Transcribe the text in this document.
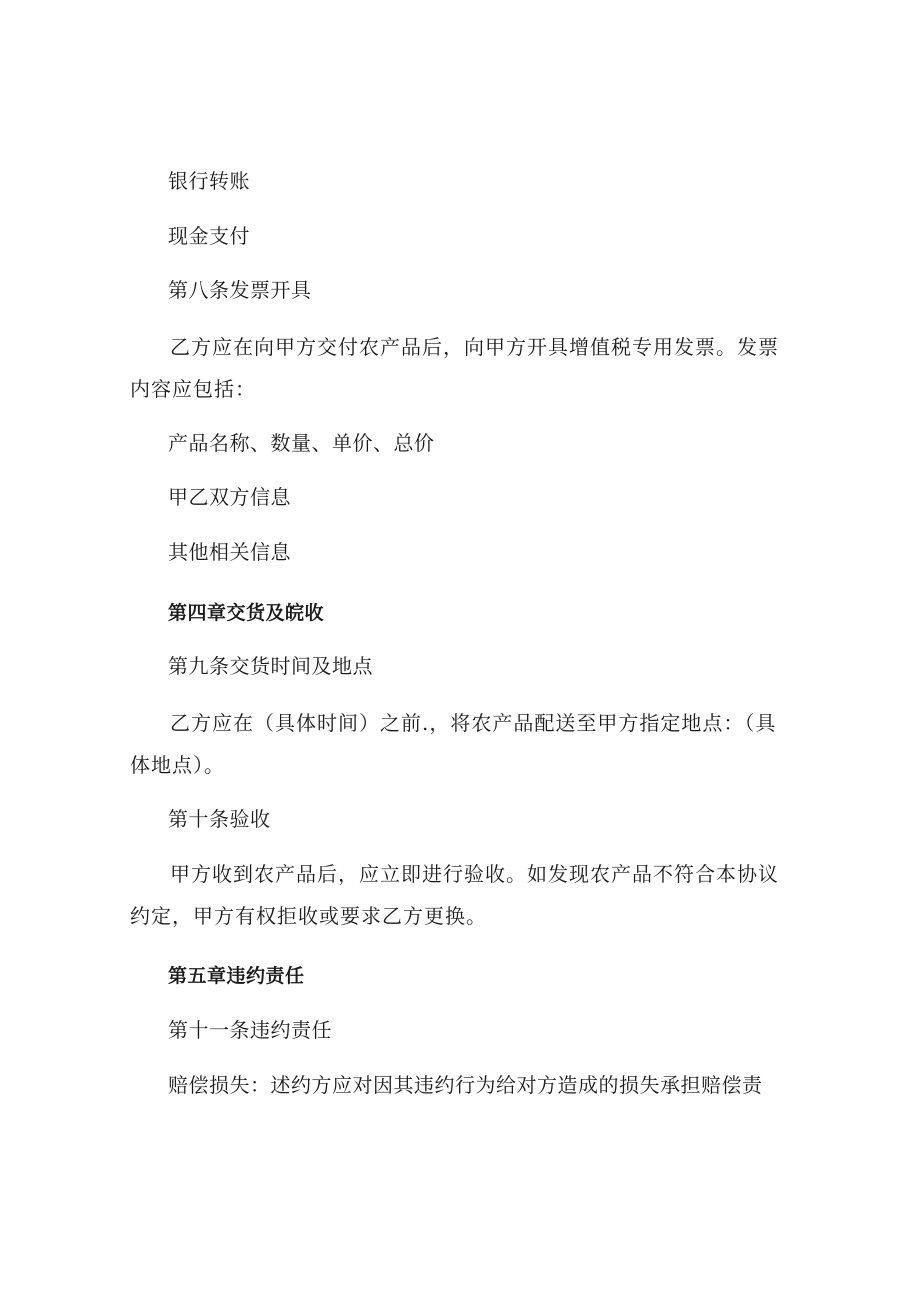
银行转账
现金支付
第八条发票开具
乙方应在向甲方交付农产品后，向甲方开具增值税专用发票。发票内容应包括：
产品名称、数量、单价、总价
甲乙双方信息
其他相关信息
第四章交货及皖收
第九条交货时间及地点
乙方应在（具体时间）之前.，将农产品配送至甲方指定地点：（具体地点）。
第十条验收
甲方收到农产品后，应立即进行验收。如发现农产品不符合本协议约定，甲方有权拒收或要求乙方更换。
第五章违约责任
第十一条违约责任
赔偿损失：述约方应对因其违约行为给对方造成的损失承担赔偿责
